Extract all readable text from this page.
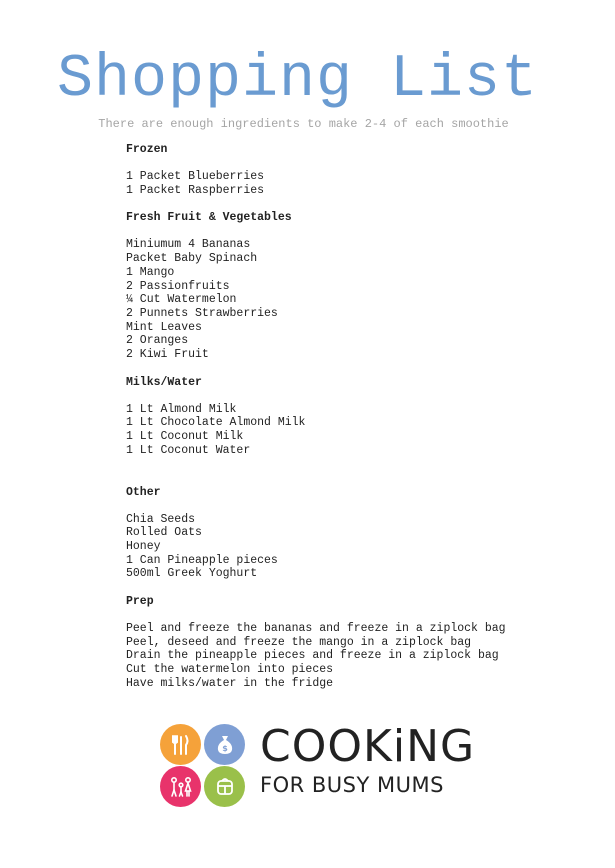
Shopping List
There are enough ingredients to make 2-4 of each smoothie
Frozen
1 Packet Blueberries
1 Packet Raspberries
Fresh Fruit & Vegetables
Miniumum 4 Bananas
Packet Baby Spinach
1 Mango
2 Passionfruits
¼ Cut Watermelon
2 Punnets Strawberries
Mint Leaves
2 Oranges
2 Kiwi Fruit
Milks/Water
1 Lt Almond Milk
1 Lt Chocolate Almond Milk
1 Lt Coconut Milk
1 Lt Coconut Water
Other
Chia Seeds
Rolled Oats
Honey
1 Can Pineapple pieces
500ml Greek Yoghurt
Prep
Peel and freeze the bananas and freeze in a ziplock bag
Peel, deseed and freeze the mango in a ziplock bag
Drain the pineapple pieces and freeze in a ziplock bag
Cut the watermelon into pieces
Have milks/water in the fridge
$ COOKiNG
FOR BUSY MUMS
